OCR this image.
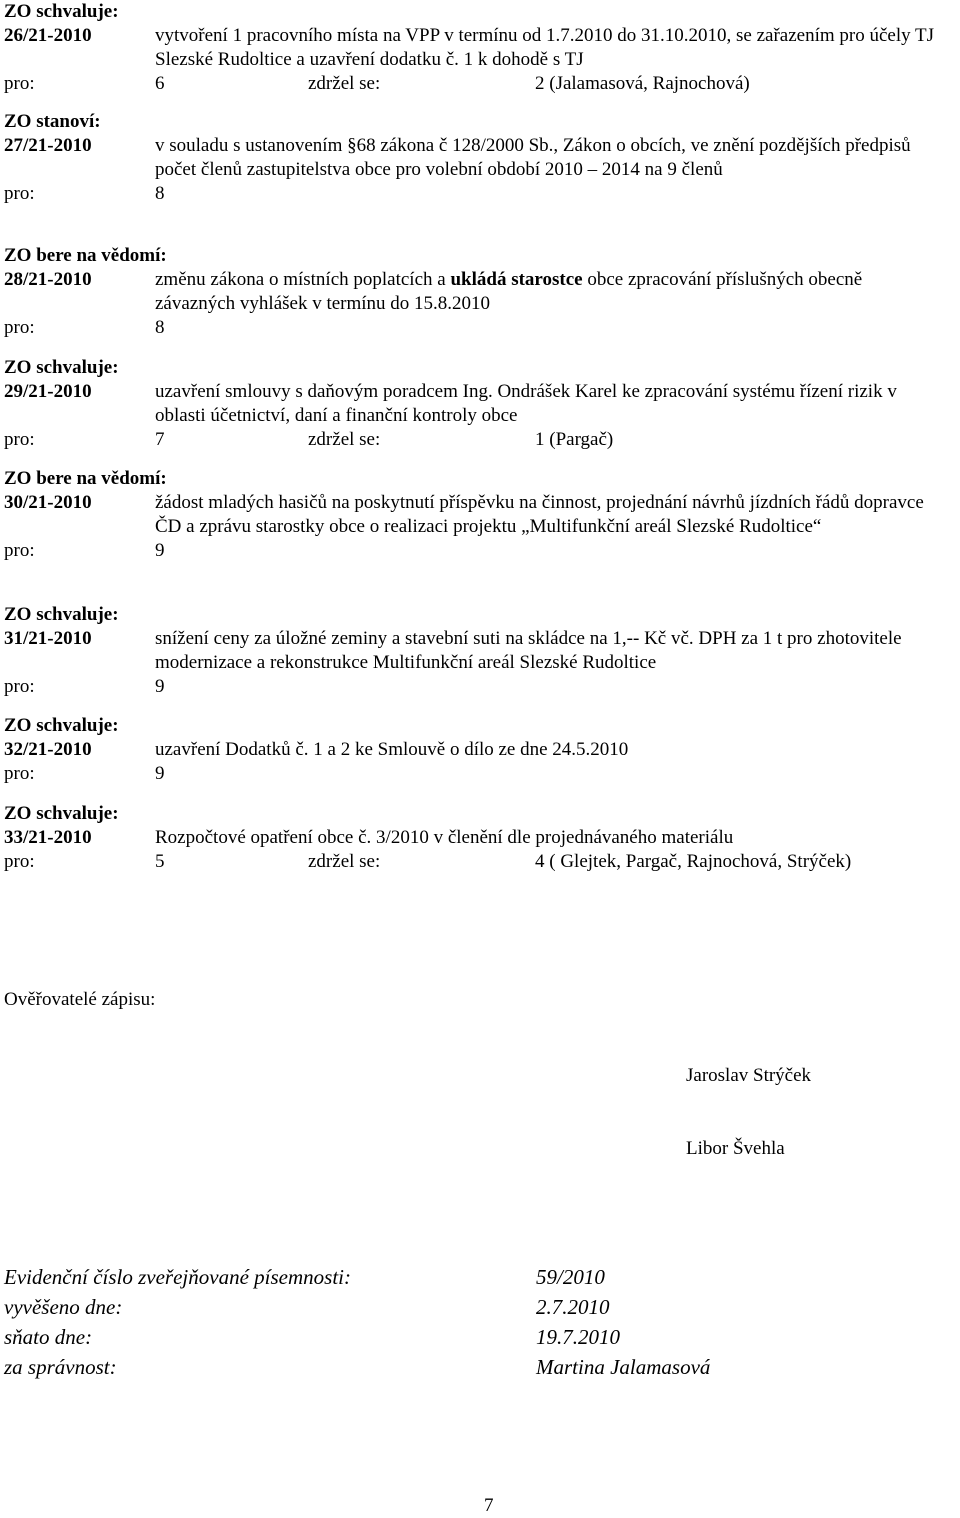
ZO schvaluje:
26/21-2010	vytvoření 1 pracovního místa na VPP v termínu od 1.7.2010 do 31.10.2010, se zařazením pro účely TJ Slezské Rudoltice a uzavření dodatku č. 1 k dohodě s TJ
pro:	6	zdržel se:	2 (Jalamasová, Rajnochová)
ZO stanoví:
27/21-2010	v souladu s ustanovením §68 zákona č 128/2000 Sb., Zákon o obcích, ve znění pozdějších předpisů počet členů zastupitelstva obce pro volební období 2010 – 2014 na 9 členů
pro:	8
ZO bere na vědomí:
28/21-2010	změnu zákona o místních poplatcích a ukládá starostce obce zpracování příslušných obecně závazných vyhlášek v termínu do 15.8.2010
pro:	8
ZO schvaluje:
29/21-2010	uzavření smlouvy s daňovým poradcem Ing. Ondrášek Karel ke zpracování systému řízení rizik v oblasti účetnictví, daní a finanční kontroly obce
pro:	7	zdržel se:	1 (Pargač)
ZO bere na vědomí:
30/21-2010	žádost mladých hasičů na poskytnutí příspěvku na činnost, projednání návrhů jízdních řádů dopravce ČD a zprávu starostky obce o realizaci projektu „Multifunkční areál Slezské Rudoltice“
pro:	9
ZO schvaluje:
31/21-2010	snížení ceny za úložné zeminy a stavební suti na skládce na 1,-- Kč vč. DPH za 1 t pro zhotovitele modernizace a rekonstrukce Multifunkční areál Slezské Rudoltice
pro:	9
ZO schvaluje:
32/21-2010	uzavření Dodatků č. 1 a 2 ke Smlouvě o dílo ze dne 24.5.2010
pro:	9
ZO schvaluje:
33/21-2010	Rozpočtové opatření obce č. 3/2010 v členění dle projednávaného materiálu
pro:	5	zdržel se:	4 ( Glejtek, Pargač, Rajnochová, Strýček)
Ověřovatelé zápisu:
Jaroslav Strýček
Libor Švehla
Evidenční číslo zveřejňované písemnosti:	59/2010
vyvěšeno dne:	2.7.2010
sňato dne:	19.7.2010
za správnost:	Martina Jalamasová
7
